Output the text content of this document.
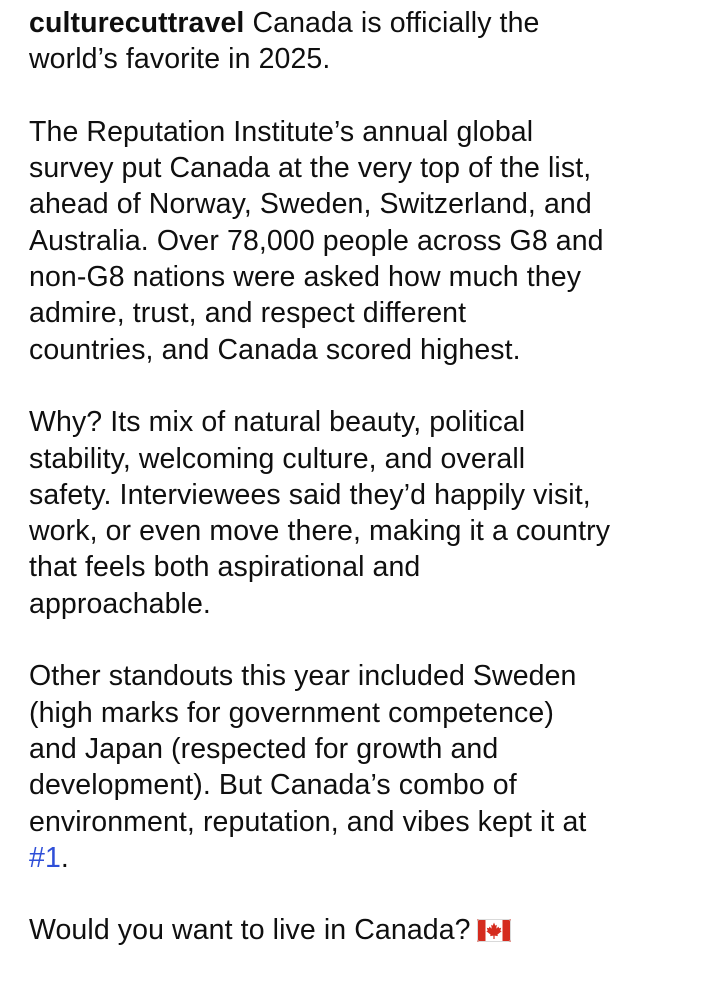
culturecuttravel Canada is officially the
world’s favorite in 2025.
The Reputation Institute’s annual global
survey put Canada at the very top of the list,
ahead of Norway, Sweden, Switzerland, and
Australia. Over 78,000 people across G8 and
non-G8 nations were asked how much they
admire, trust, and respect different
countries, and Canada scored highest.
Why? Its mix of natural beauty, political
stability, welcoming culture, and overall
safety. Interviewees said they’d happily visit,
work, or even move there, making it a country
that feels both aspirational and
approachable.
Other standouts this year included Sweden
(high marks for government competence)
and Japan (respected for growth and
development). But Canada’s combo of
environment, reputation, and vibes kept it at
#1.
Would you want to live in Canada?
